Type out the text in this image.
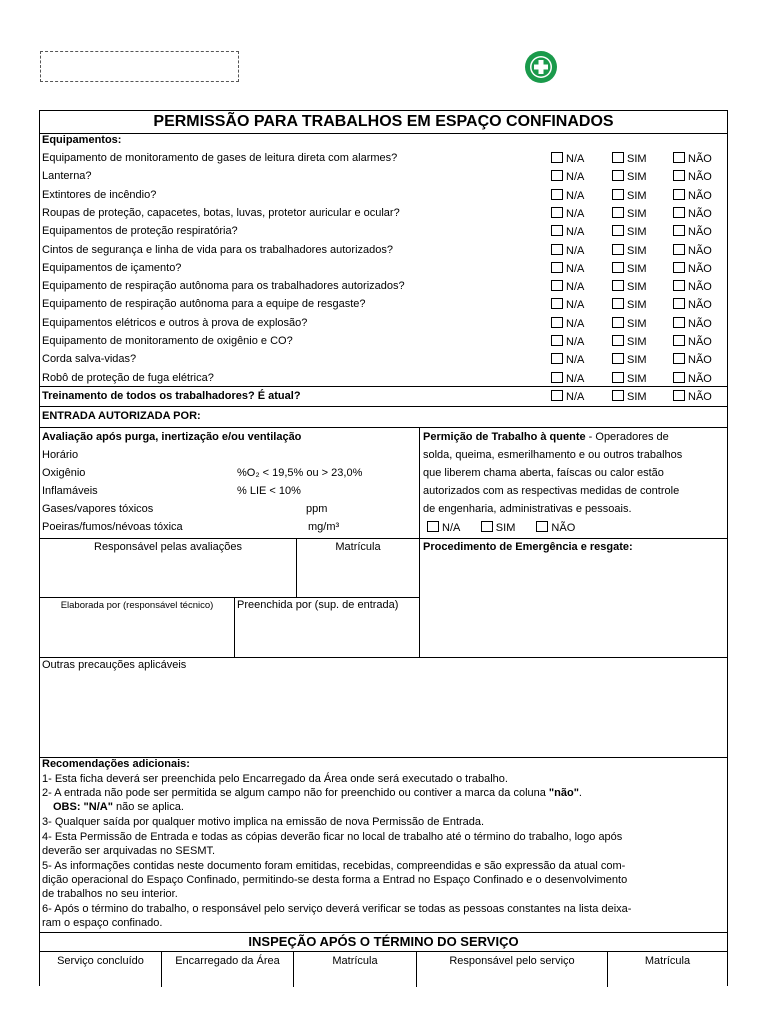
PERMISSÃO PARA TRABALHOS EM ESPAÇO CONFINADOS
Equipamentos:
Equipamento de monitoramento de gases de leitura direta com alarmes?	N/A	SIM	NÃO
Lanterna?	N/A	SIM	NÃO
Extintores de incêndio?	N/A	SIM	NÃO
Roupas de proteção, capacetes, botas, luvas, protetor auricular e ocular?	N/A	SIM	NÃO
Equipamentos de proteção respiratória?	N/A	SIM	NÃO
Cintos de segurança e linha de vida para os trabalhadores autorizados?	N/A	SIM	NÃO
Equipamentos de içamento?	N/A	SIM	NÃO
Equipamento de respiração autônoma para os trabalhadores autorizados?	N/A	SIM	NÃO
Equipamento de respiração autônoma para a equipe de resgaste?	N/A	SIM	NÃO
Equipamentos elétricos e outros à prova de explosão?	N/A	SIM	NÃO
Equipamento de monitoramento de oxigênio e CO?	N/A	SIM	NÃO
Corda salva-vidas?	N/A	SIM	NÃO
Robô de proteção de fuga elétrica?	N/A	SIM	NÃO
Treinamento de todos os trabalhadores? É atual?	N/A	SIM	NÃO
ENTRADA AUTORIZADA POR:
Avaliação após purga, inertização e/ou ventilação
Horário
Oxigênio	%O₂ < 19,5% ou > 23,0%
Inflamáveis	% LIE < 10%
Gases/vapores tóxicos	ppm
Poeiras/fumos/névoas tóxica	mg/m³
Permição de Trabalho à quente - Operadores de
solda, queima, esmerilhamento e ou outros trabalhos
que liberem chama aberta, faíscas ou calor estão
autorizados com as respectivas medidas de controle
de engenharia, administrativas e pessoais.
N/A	SIM	NÃO
Responsável pelas avaliações	Matrícula	Procedimento de Emergência e resgate:
Elaborada por (responsável técnico)	Preenchida por (sup. de entrada)
Outras precauções aplicáveis
Recomendações adicionais:
1- Esta ficha deverá ser preenchida pelo Encarregado da Área onde será executado o trabalho.
2- A entrada não pode ser permitida se algum campo não for preenchido ou contiver a marca da coluna "não".
OBS: "N/A" não se aplica.
3- Qualquer saída por qualquer motivo implica na emissão de nova Permissão de Entrada.
4- Esta Permissão de Entrada e todas as cópias deverão ficar no local de trabalho até o término do trabalho, logo após
deverão ser arquivadas no SESMT.
5- As informações contidas neste documento foram emitidas, recebidas, compreendidas e são expressão da atual com-
dição operacional do Espaço Confinado, permitindo-se desta forma a Entrad no Espaço Confinado e o desenvolvimento
de trabalhos no seu interior.
6- Após o término do trabalho, o responsável pelo serviço deverá verificar se todas as pessoas constantes na lista deixa-
ram o espaço confinado.
INSPEÇÃO APÓS O TÉRMINO DO SERVIÇO
Serviço concluído	Encarregado da Área	Matrícula	Responsável pelo serviço	Matrícula
